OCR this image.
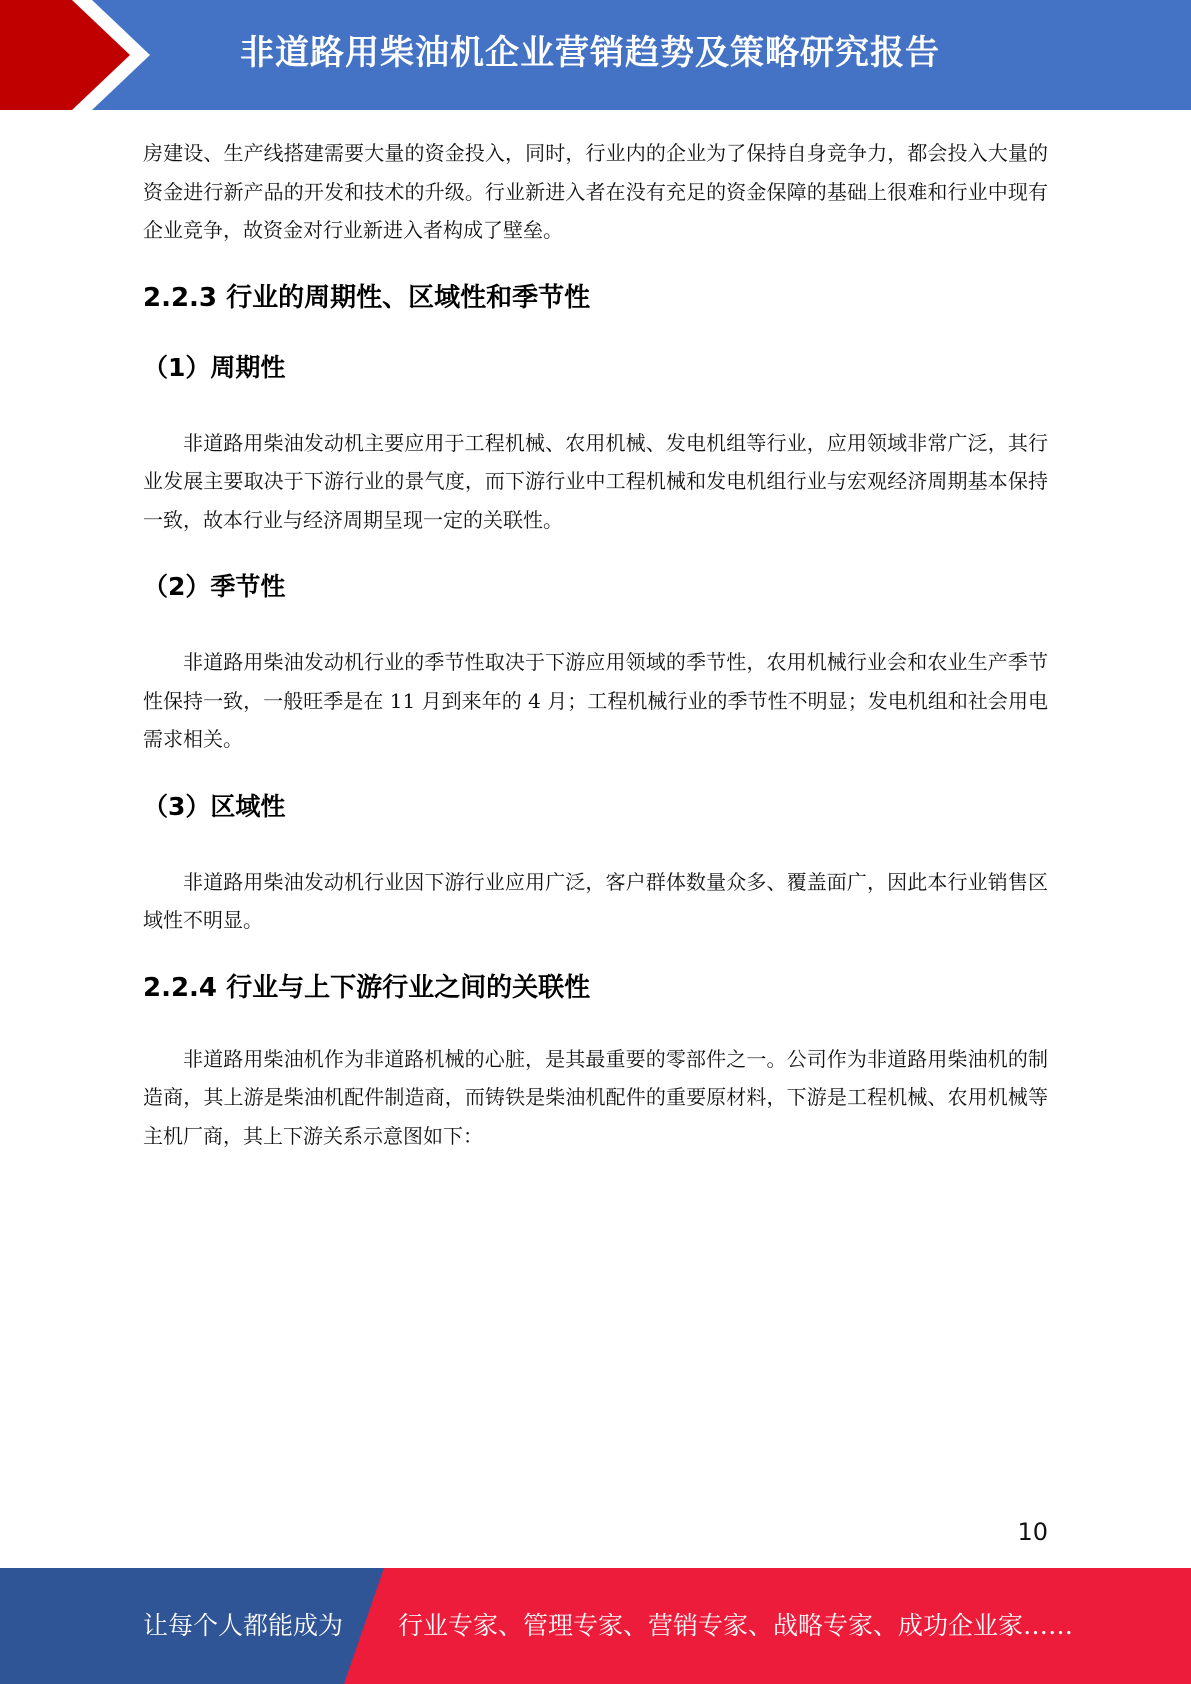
非道路用柴油机企业营销趋势及策略研究报告

房建设、生产线搭建需要大量的资金投入，同时，行业内的企业为了保持自身竞争力，都会投入大量的资金进行新产品的开发和技术的升级。行业新进入者在没有充足的资金保障的基础上很难和行业中现有企业竞争，故资金对行业新进入者构成了壁垒。

2.2.3 行业的周期性、区域性和季节性
（1）周期性

非道路用柴油发动机主要应用于工程机械、农用机械、发电机组等行业，应用领域非常广泛，其行业发展主要取决于下游行业的景气度，而下游行业中工程机械和发电机组行业与宏观经济周期基本保持一致，故本行业与经济周期呈现一定的关联性。

（2）季节性

非道路用柴油发动机行业的季节性取决于下游应用领域的季节性，农用机械行业会和农业生产季节性保持一致，一般旺季是在 11 月到来年的 4 月；工程机械行业的季节性不明显；发电机组和社会用电需求相关。

（3）区域性

非道路用柴油发动机行业因下游行业应用广泛，客户群体数量众多、覆盖面广，因此本行业销售区域性不明显。

2.2.4 行业与上下游行业之间的关联性

非道路用柴油机作为非道路机械的心脏，是其最重要的零部件之一。公司作为非道路用柴油机的制造商，其上游是柴油机配件制造商，而铸铁是柴油机配件的重要原材料，下游是工程机械、农用机械等主机厂商，其上下游关系示意图如下：

10
让每个人都能成为 行业专家、管理专家、营销专家、战略专家、成功企业家……
